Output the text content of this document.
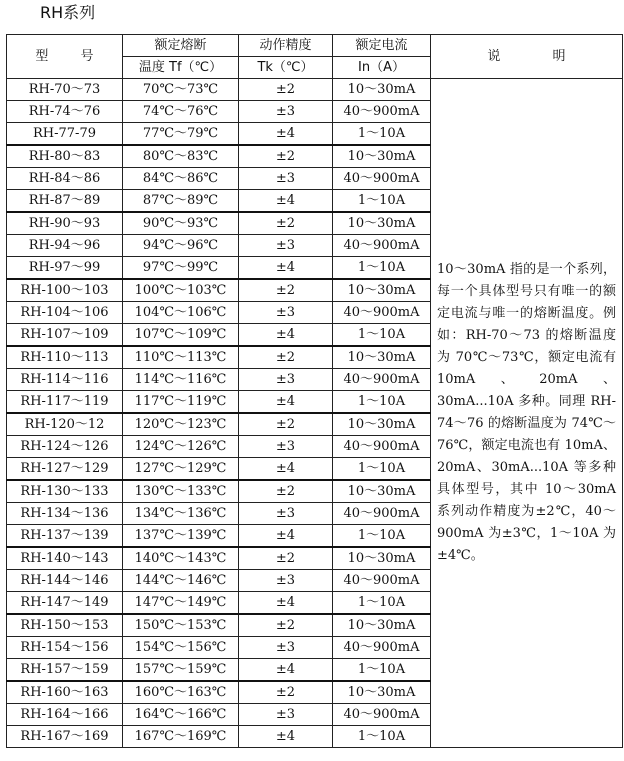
RH系列
型 号	额定熔断	动作精度	额定电流	说 明
	温度 Tf（℃）	Tk（℃）	In（A）	
RH-70～73	70℃～73℃	±2	10～30mA	10～30mA 指的是一个系列，每一个具体型号只有唯一的额定电流与唯一的熔断温度。例如：RH-70～73 的熔断温度为 70℃～73℃，额定电流有 10mA、20mA、30mA...10A 多种。同理 RH-74～76 的熔断温度为 74℃～76℃，额定电流也有 10mA、20mA、30mA...10A 等多种具体型号，其中 10～30mA 系列动作精度为±2℃，40～900mA 为±3℃，1～10A 为±4℃。

RH-74～76	74℃～76℃	±3	40～900mA	
RH-77-79	77℃～79℃	±4	1～10A	
RH-80～83	80℃～83℃	±2	10～30mA	
RH-84～86	84℃～86℃	±3	40～900mA	
RH-87～89	87℃～89℃	±4	1～10A	
RH-90～93	90℃～93℃	±2	10～30mA	
RH-94～96	94℃～96℃	±3	40～900mA	
RH-97～99	97℃～99℃	±4	1～10A	
RH-100～103	100℃～103℃	±2	10～30mA	
RH-104～106	104℃～106℃	±3	40～900mA	
RH-107～109	107℃～109℃	±4	1～10A	
RH-110～113	110℃～113℃	±2	10～30mA	
RH-114～116	114℃～116℃	±3	40～900mA	
RH-117～119	117℃～119℃	±4	1～10A	
RH-120～12	120℃～123℃	±2	10～30mA	
RH-124～126	124℃～126℃	±3	40～900mA	
RH-127～129	127℃～129℃	±4	1～10A	
RH-130～133	130℃～133℃	±2	10～30mA	
RH-134～136	134℃～136℃	±3	40～900mA	
RH-137～139	137℃～139℃	±4	1～10A	
RH-140～143	140℃～143℃	±2	10～30mA	
RH-144～146	144℃～146℃	±3	40～900mA	
RH-147～149	147℃～149℃	±4	1～10A	
RH-150～153	150℃～153℃	±2	10～30mA	
RH-154～156	154℃～156℃	±3	40～900mA	
RH-157～159	157℃～159℃	±4	1～10A	
RH-160～163	160℃～163℃	±2	10～30mA	
RH-164～166	164℃～166℃	±3	40～900mA	
RH-167～169	167℃～169℃	±4	1～10A	
